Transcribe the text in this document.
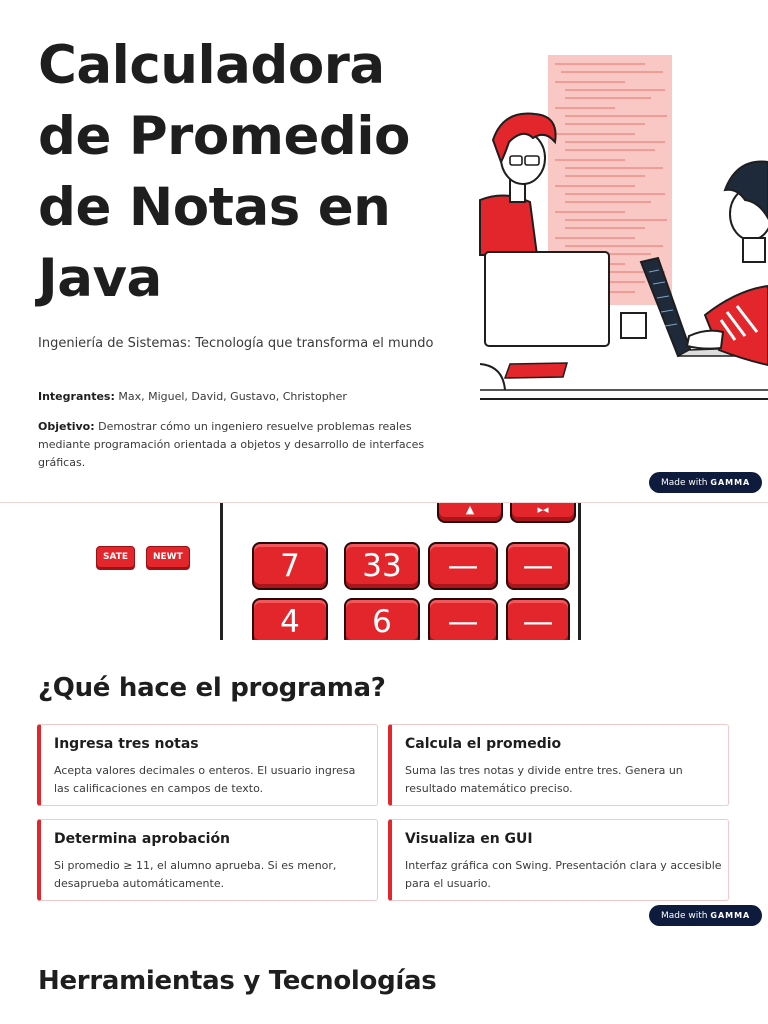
Calculadora
de Promedio
de Notas en
Java
Ingeniería de Sistemas: Tecnología que transforma el mundo
Integrantes: Max, Miguel, David, Gustavo, Christopher
Objetivo: Demostrar cómo un ingeniero resuelve problemas reales mediante programación orientada a objetos y desarrollo de interfaces gráficas.
Made with GAMMA
SATE	NEWT
▲	▸◂
7	33	—	—
4	6	—	—
¿Qué hace el programa?
Ingresa tres notas
Acepta valores decimales o enteros. El usuario ingresa las calificaciones en campos de texto.
Calcula el promedio
Suma las tres notas y divide entre tres. Genera un resultado matemático preciso.
Determina aprobación
Si promedio ≥ 11, el alumno aprueba. Si es menor, desaprueba automáticamente.
Visualiza en GUI
Interfaz gráfica con Swing. Presentación clara y accesible para el usuario.
Made with GAMMA
Herramientas y Tecnologías
